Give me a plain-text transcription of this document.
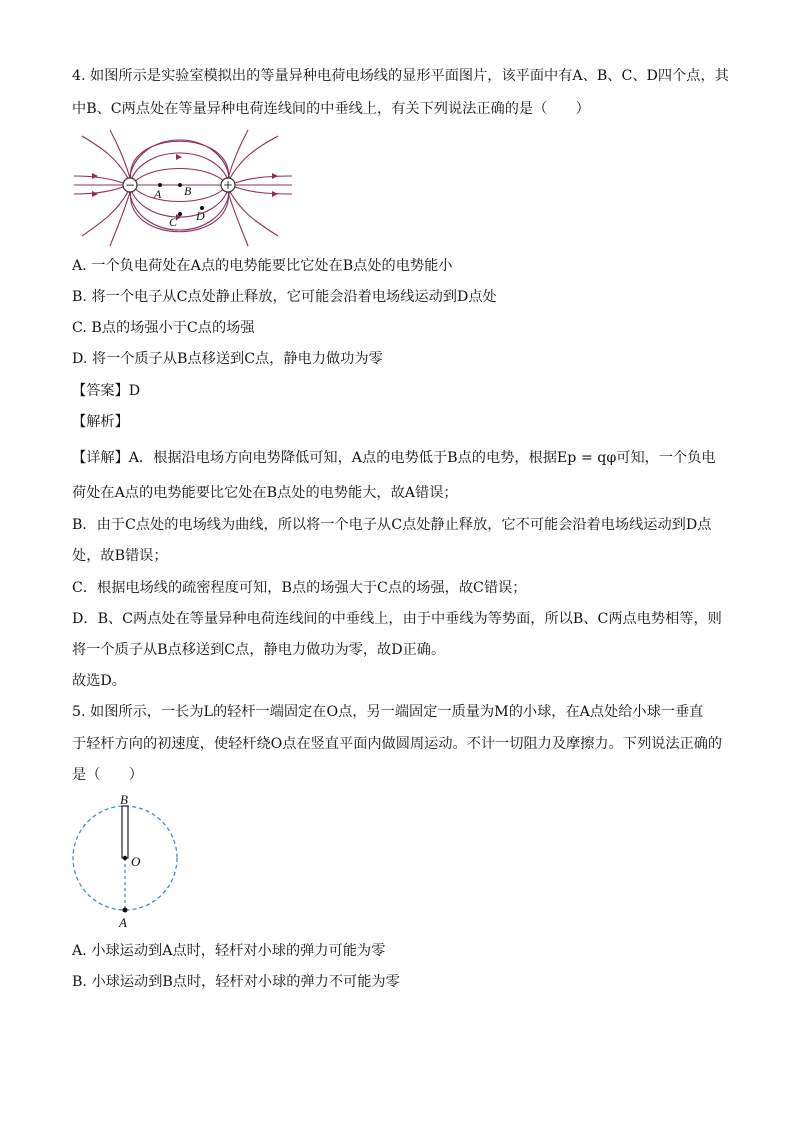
4. 如图所示是实验室模拟出的等量异种电荷电场线的显形平面图片，该平面中有A、B、C、D四个点，其
中B、C两点处在等量异种电荷连线间的中垂线上，有关下列说法正确的是（　　）
−	+
A B
C D
A. 一个负电荷处在A点的电势能要比它处在B点处的电势能小
B. 将一个电子从C点处静止释放，它可能会沿着电场线运动到D点处
C. B点的场强小于C点的场强
D. 将一个质子从B点移送到C点，静电力做功为零
【答案】D
【解析】
【详解】A．根据沿电场方向电势降低可知，A点的电势低于B点的电势，根据Ep = qφ可知，一个负电
荷处在A点的电势能要比它处在B点处的电势能大，故A错误；
B．由于C点处的电场线为曲线，所以将一个电子从C点处静止释放，它不可能会沿着电场线运动到D点
处，故B错误；
C．根据电场线的疏密程度可知，B点的场强大于C点的场强，故C错误；
D．B、C两点处在等量异种电荷连线间的中垂线上，由于中垂线为等势面，所以B、C两点电势相等，则
将一个质子从B点移送到C点，静电力做功为零，故D正确。
故选D。
5. 如图所示，一长为L的轻杆一端固定在O点，另一端固定一质量为M的小球，在A点处给小球一垂直
于轻杆方向的初速度，使轻杆绕O点在竖直平面内做圆周运动。不计一切阻力及摩擦力。下列说法正确的
是（　　）
B
O
A
A. 小球运动到A点时，轻杆对小球的弹力可能为零
B. 小球运动到B点时，轻杆对小球的弹力不可能为零
